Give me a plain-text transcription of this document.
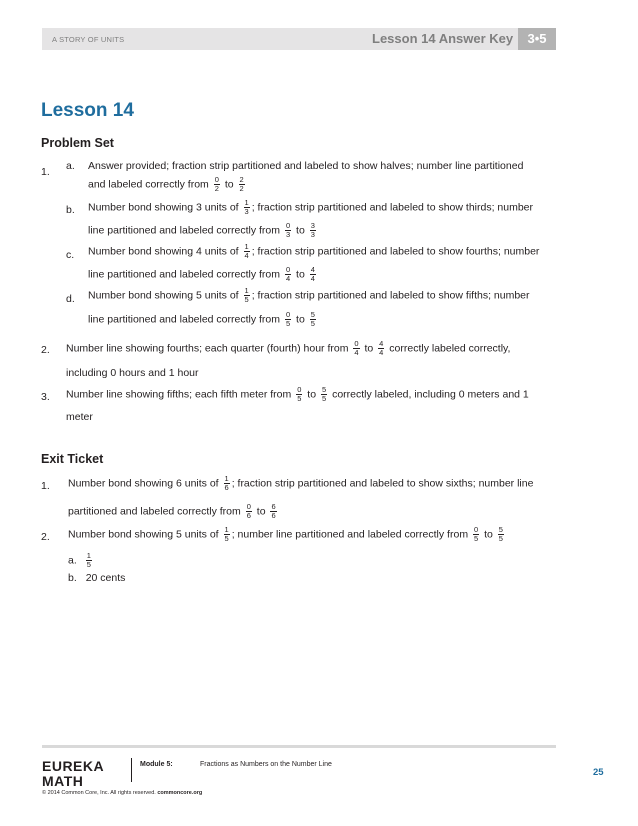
A STORY OF UNITS	Lesson 14 Answer Key	3•5
Lesson 14
Problem Set
1. a. Answer provided; fraction strip partitioned and labeled to show halves; number line partitioned
and labeled correctly from $\frac{0}{2}$ to $\frac{2}{2}$
b. Number bond showing 3 units of $\frac{1}{3}$ ; fraction strip partitioned and labeled to show thirds; number
line partitioned and labeled correctly from $\frac{0}{3}$ to $\frac{3}{3}$
c. Number bond showing 4 units of $\frac{1}{4}$ ; fraction strip partitioned and labeled to show fourths; number
line partitioned and labeled correctly from $\frac{0}{4}$ to $\frac{4}{4}$
d. Number bond showing 5 units of $\frac{1}{5}$ ; fraction strip partitioned and labeled to show fifths; number
line partitioned and labeled correctly from $\frac{0}{5}$ to $\frac{5}{5}$
2. Number line showing fourths; each quarter (fourth) hour from $\frac{0}{4}$ to $\frac{4}{4}$ correctly labeled correctly,
including 0 hours and 1 hour
3. Number line showing fifths; each fifth meter from $\frac{0}{5}$ to $\frac{5}{5}$ correctly labeled, including 0 meters and 1
meter
Exit Ticket
1. Number bond showing 6 units of $\frac{1}{6}$ ; fraction strip partitioned and labeled to show sixths; number line
partitioned and labeled correctly from $\frac{0}{6}$ to $\frac{6}{6}$
2. Number bond showing 5 units of $\frac{1}{5}$ ; number line partitioned and labeled correctly from $\frac{0}{5}$ to $\frac{5}{5}$
a. $\frac{1}{5}$
b. 20 cents
EUREKA
MATH
Module 5:	Fractions as Numbers on the Number Line
25
© 2014 Common Core, Inc. All rights reserved. commoncore.org
